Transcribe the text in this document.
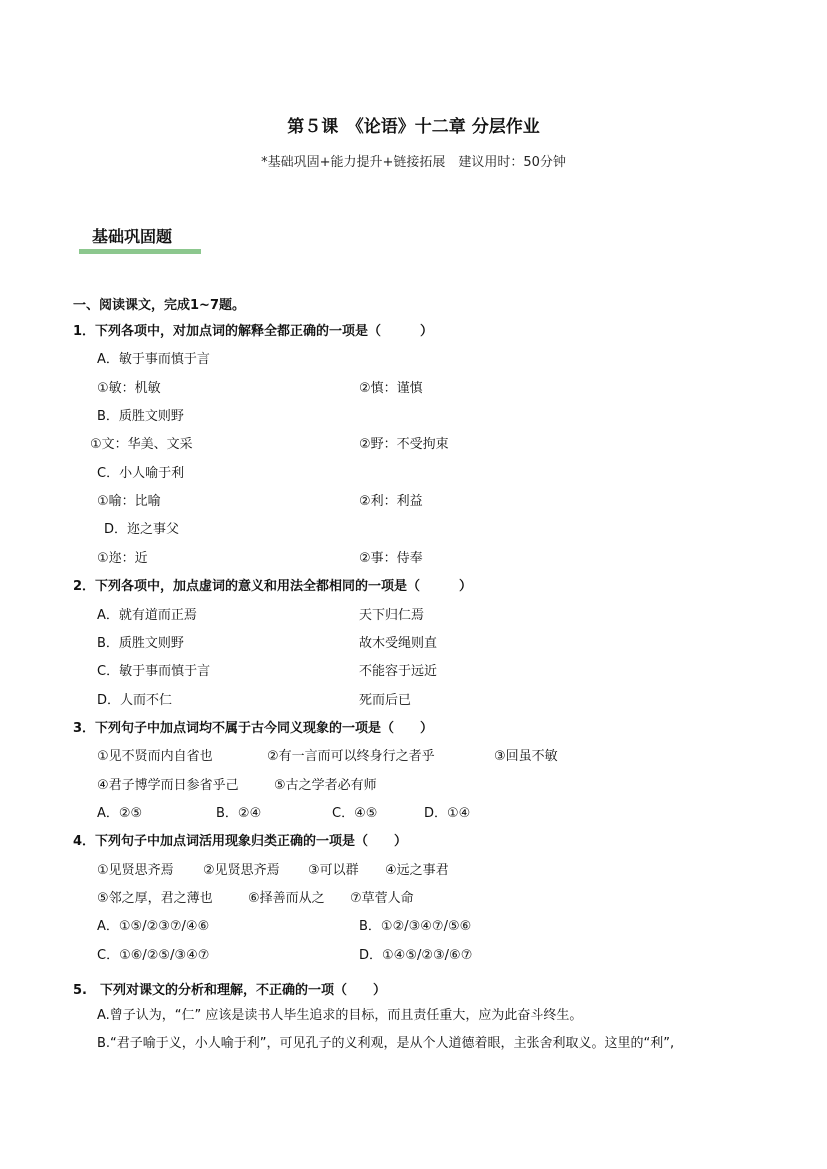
第５课　《论语》十二章 分层作业
*基础巩固+能力提升+链接拓展　建议用时：50分钟
基础巩固题
一、阅读课文，完成1~7题。
1．下列各项中，对加点词的解释全都正确的一项是（　　　）
A．敏于事而慎于言
①敏：机敏	②慎：谨慎
B．质胜文则野
①文：华美、文采	②野：不受拘束
C．小人喻于利
①喻：比喻	②利：利益
D．迩之事父
①迩：近	②事：侍奉
2．下列各项中，加点虚词的意义和用法全都相同的一项是（　　　）
A．就有道而正焉	天下归仁焉
B．质胜文则野	故木受绳则直
C．敏于事而慎于言	不能容于远近
D．人而不仁	死而后已
3．下列句子中加点词均不属于古今同义现象的一项是（　　）
①见不贤而内自省也	②有一言而可以终身行之者乎	③回虽不敏
④君子博学而日参省乎己	⑤古之学者必有师
A．②⑤	B．②④	C．④⑤	D．①④
4．下列句子中加点词活用现象归类正确的一项是（　　）
①见贤思齐焉 ②见贤思齐焉 ③可以群 ④远之事君
⑤邻之厚，君之薄也	⑥择善而从之 ⑦草菅人命
A．①⑤/②③⑦/④⑥	B．①②/③④⑦/⑤⑥
C．①⑥/②⑤/③④⑦	D．①④⑤/②③/⑥⑦
5.　下列对课文的分析和理解，不正确的一项（　　）
A.曾子认为，“仁” 应该是读书人毕生追求的目标，而且责任重大，应为此奋斗终生。
B.“君子喻于义，小人喻于利”，可见孔子的义利观，是从个人道德着眼，主张舍利取义。这里的“利”,
